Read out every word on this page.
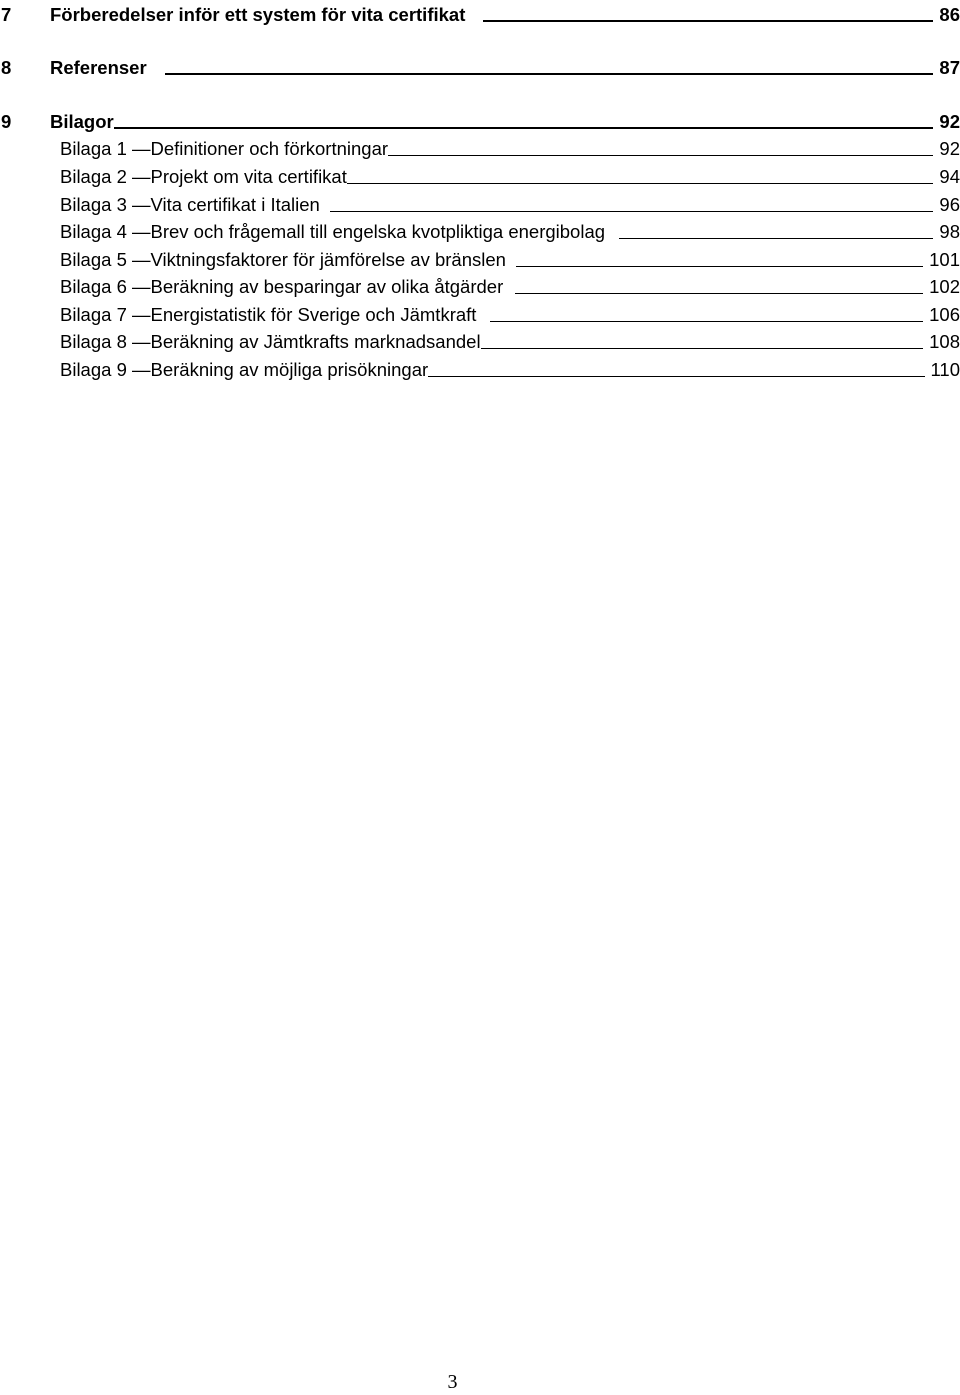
7	Förberedelser inför ett system för vita certifikat	86
8	Referenser	87
9	Bilagor	92
Bilaga 1 —Definitioner och förkortningar	92
Bilaga 2 —Projekt om vita certifikat	94
Bilaga 3 —Vita certifikat i Italien	96
Bilaga 4 —Brev och frågemall till engelska kvotpliktiga energibolag	98
Bilaga 5 —Viktningsfaktorer för jämförelse av bränslen	101
Bilaga 6 —Beräkning av besparingar av olika åtgärder	102
Bilaga 7 —Energistatistik för Sverige och Jämtkraft	106
Bilaga 8 —Beräkning av Jämtkrafts marknadsandel	108
Bilaga 9 —Beräkning av möjliga prisökningar	110
3
